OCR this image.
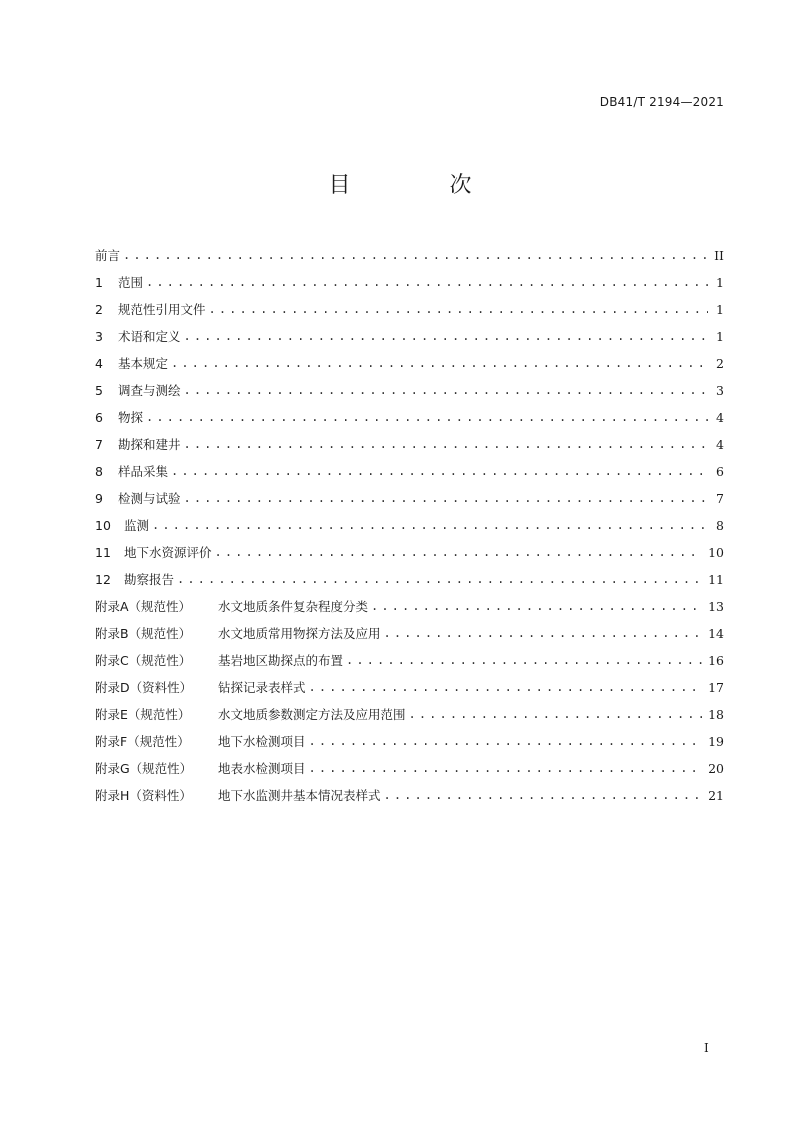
DB41/T 2194—2021
目 次
前言 .....	II
1	范围 .....	1
2	规范性引用文件 .....	1
3	术语和定义 .....	1
4	基本规定 .....	2
5	调查与测绘 .....	3
6	物探 .....	4
7	勘探和建井 .....	4
8	样品采集 .....	6
9	检测与试验 .....	7
10	监测 .....	8
11	地下水资源评价 .....	10
12	勘察报告 .....	11
附录A（规范性）	水文地质条件复杂程度分类 .....	13
附录B（规范性）	水文地质常用物探方法及应用 .....	14
附录C（规范性）	基岩地区勘探点的布置 .....	16
附录D（资料性）	钻探记录表样式 .....	17
附录E（规范性）	水文地质参数测定方法及应用范围 .....	18
附录F（规范性）	地下水检测项目 .....	19
附录G（规范性）	地表水检测项目 .....	20
附录H（资料性）	地下水监测井基本情况表样式 .....	21
I
